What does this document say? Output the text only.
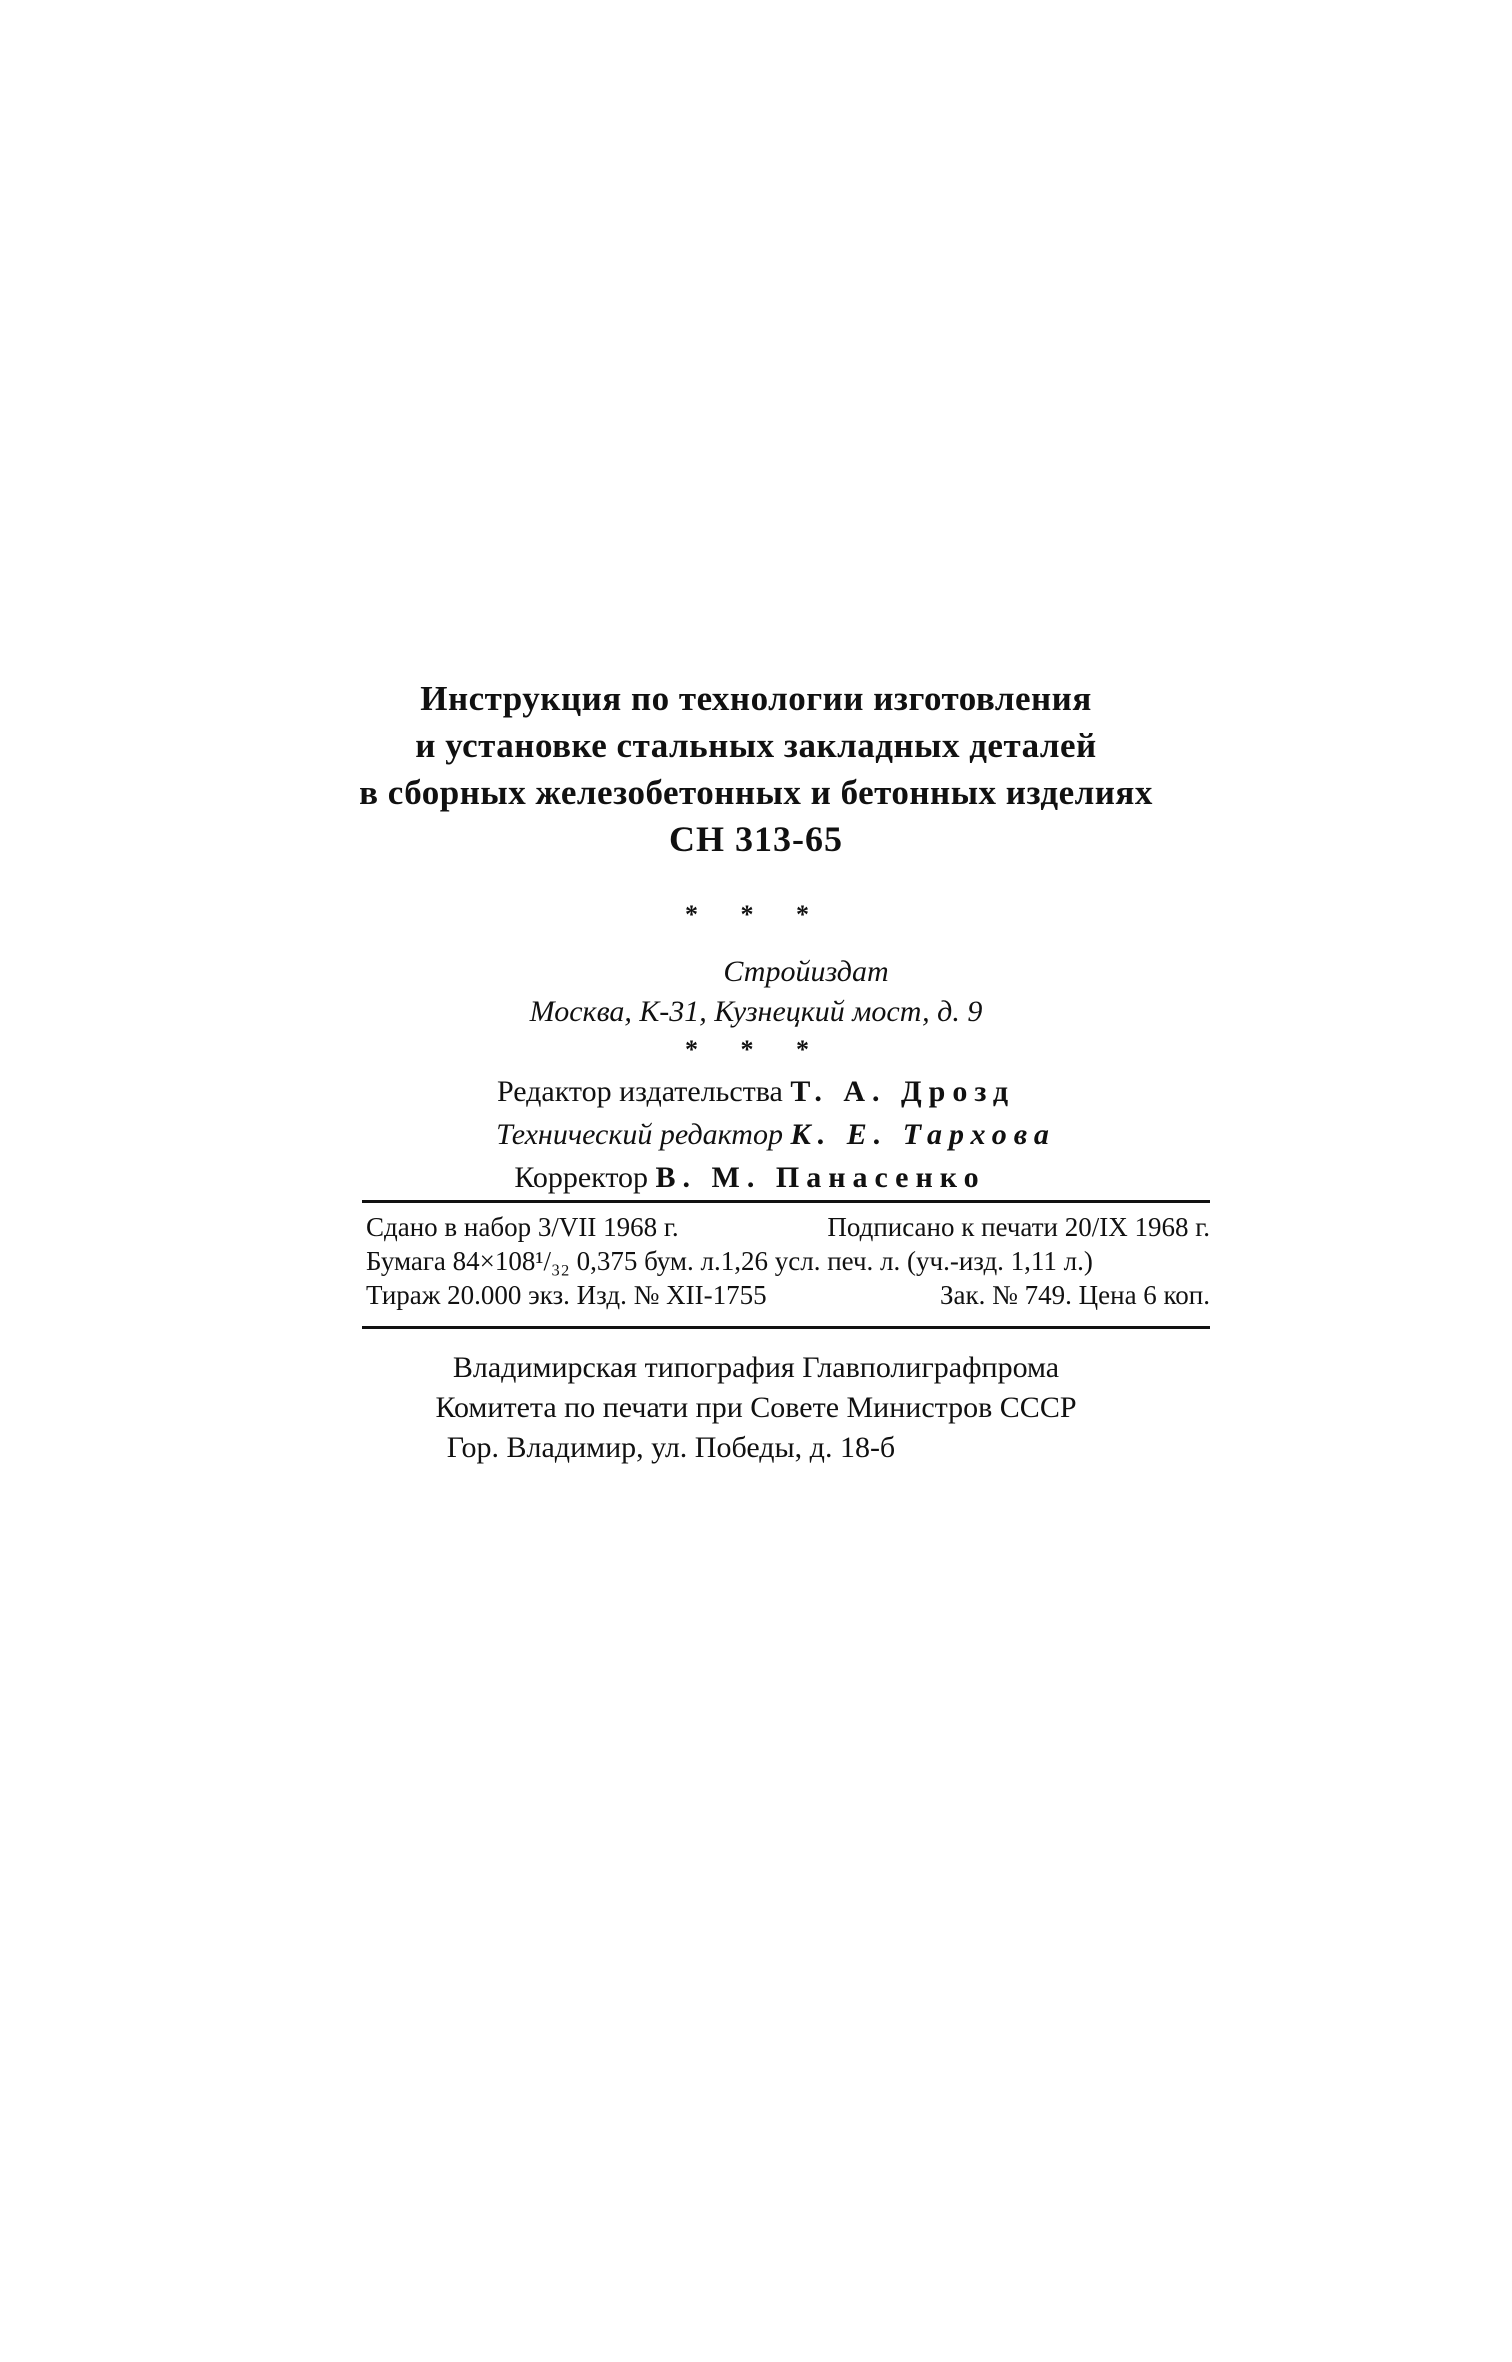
Инструкция по технологии изготовления
и установке стальных закладных деталей
в сборных железобетонных и бетонных изделиях
СН 313-65
* * *
Стройиздат
Москва, К-31, Кузнецкий мост, д. 9
* * *
Редактор издательства Т. А. Дрозд
Технический редактор К. Е. Тархова
Корректор В. М. Панасенко
Сдано в набор 3/VII 1968 г.	Подписано к печати 20/IX 1968 г.
Бумага 84×108¹/₃₂ 0,375 бум. л.1,26 усл. печ. л. (уч.-изд. 1,11 л.)
Тираж 20.000 экз. Изд. № XII-1755	Зак. № 749. Цена 6 коп.
Владимирская типография Главполиграфпрома
Комитета по печати при Совете Министров СССР
Гор. Владимир, ул. Победы, д. 18-б
